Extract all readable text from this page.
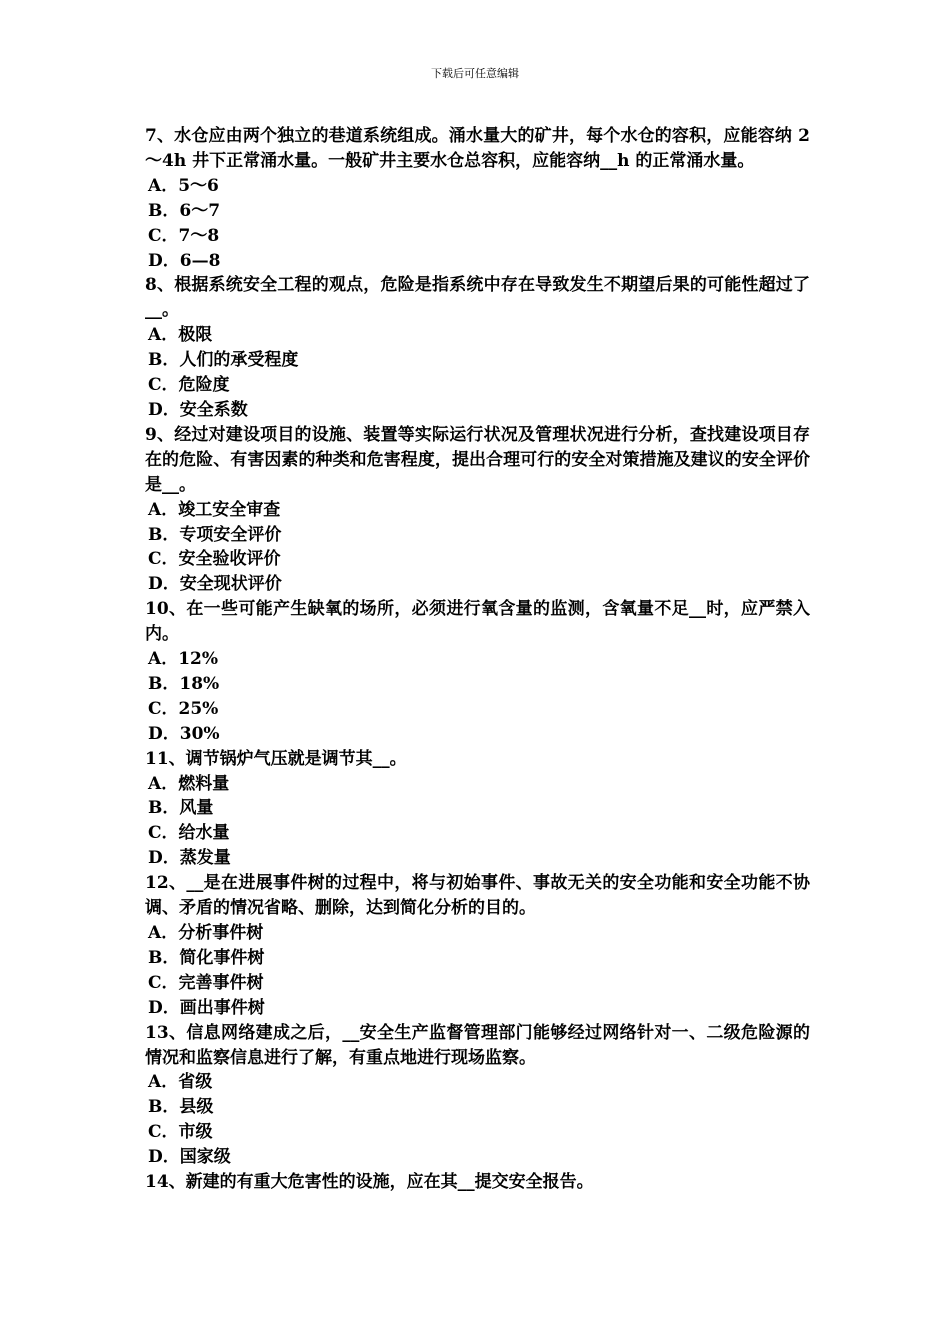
下载后可任意编辑

7、水仓应由两个独立的巷道系统组成。涌水量大的矿井，每个水仓的容积，应能容纳 2～4h 井下正常涌水量。一般矿井主要水仓总容积，应能容纳__h 的正常涌水量。

A．5～6

B．6～7

C．7～8

D．6—8

8、根据系统安全工程的观点，危险是指系统中存在导致发生不期望后果的可能性超过了__。

A．极限

B．人们的承受程度

C．危险度

D．安全系数

9、经过对建设项目的设施、装置等实际运行状况及管理状况进行分析，查找建设项目存在的危险、有害因素的种类和危害程度，提出合理可行的安全对策措施及建议的安全评价是__。

A．竣工安全审查

B．专项安全评价

C．安全验收评价

D．安全现状评价

10、在一些可能产生缺氧的场所，必须进行氧含量的监测，含氧量不足__时，应严禁入内。

A．12%

B．18%

C．25%

D．30%

11、调节锅炉气压就是调节其__。

A．燃料量

B．风量

C．给水量

D．蒸发量

12、__是在进展事件树的过程中，将与初始事件、事故无关的安全功能和安全功能不协调、矛盾的情况省略、删除，达到简化分析的目的。

A．分析事件树

B．简化事件树

C．完善事件树

D．画出事件树

13、信息网络建成之后，__安全生产监督管理部门能够经过网络针对一、二级危险源的情况和监察信息进行了解，有重点地进行现场监察。

A．省级

B．县级

C．市级

D．国家级

14、新建的有重大危害性的设施，应在其__提交安全报告。
